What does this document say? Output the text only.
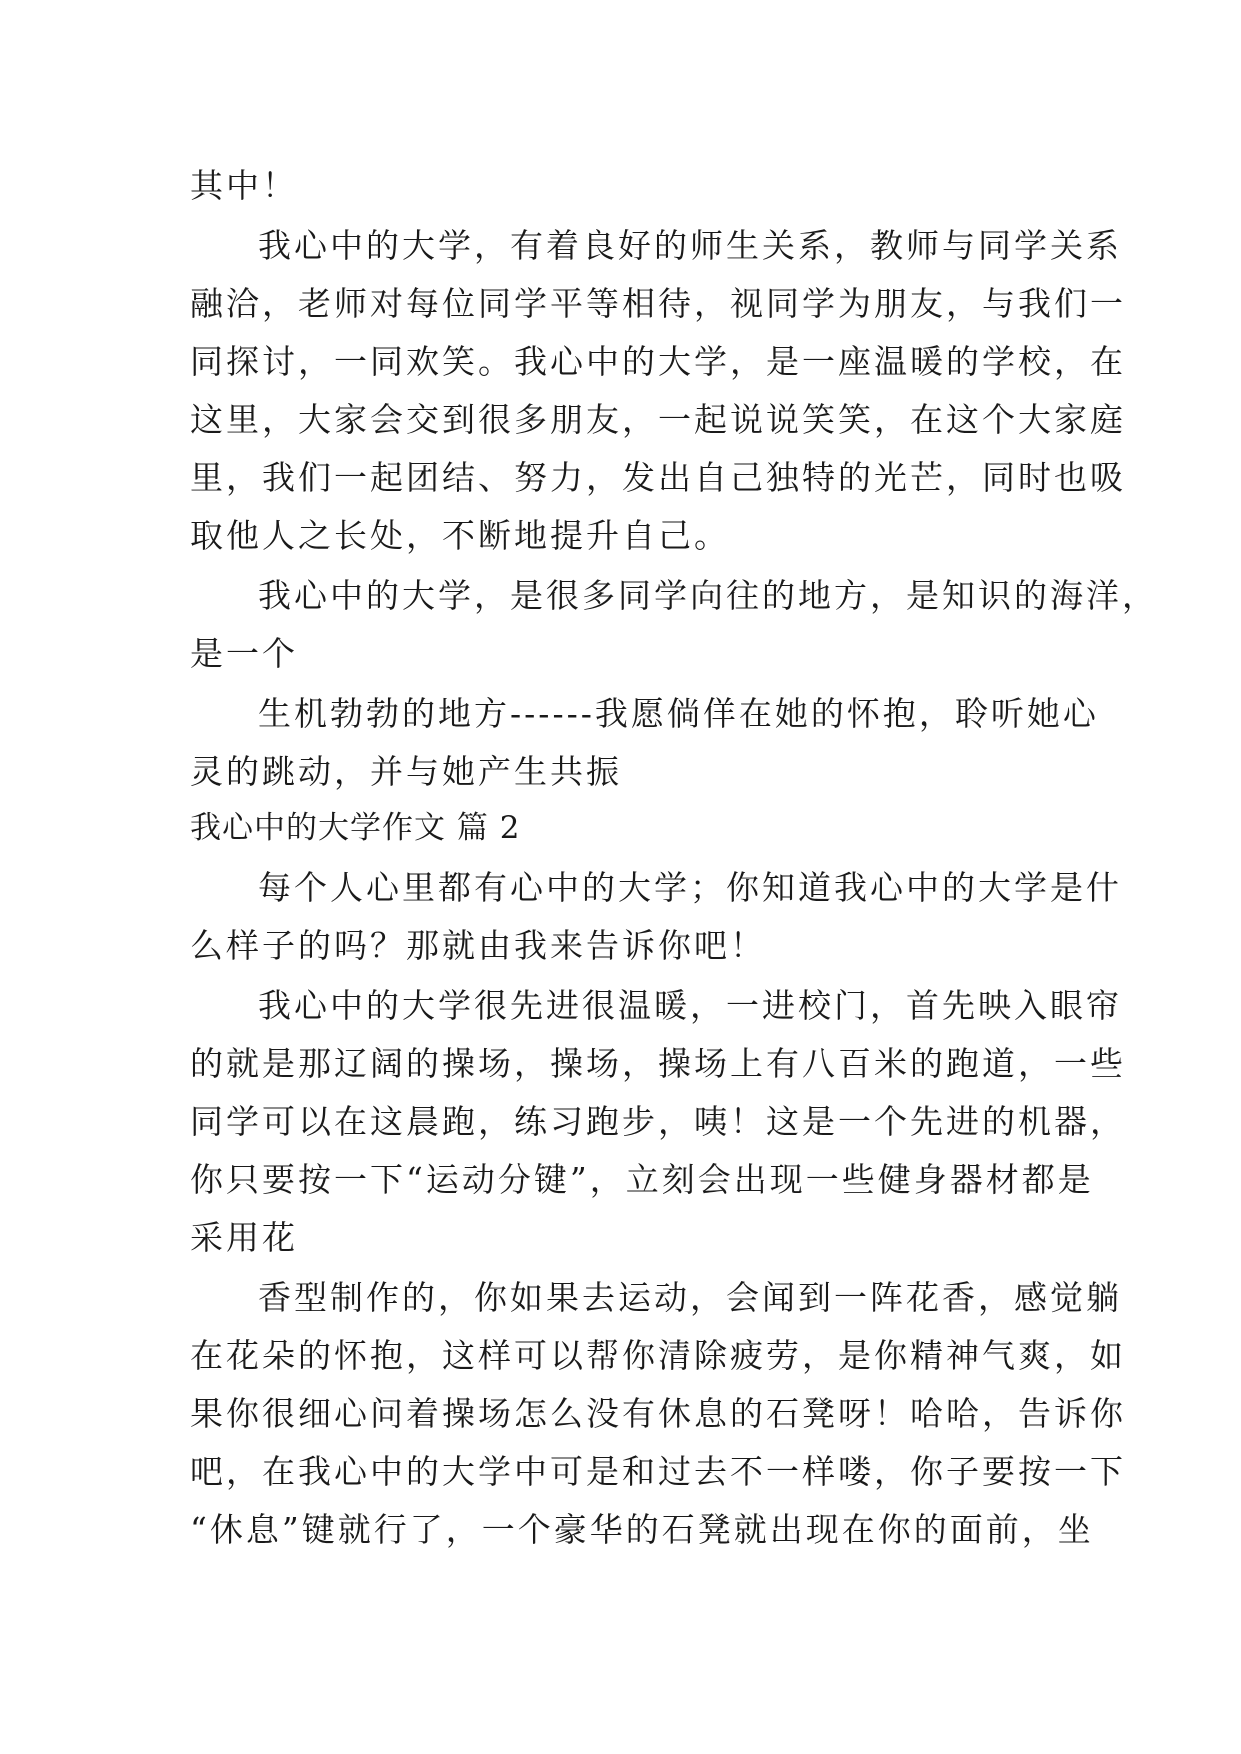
其中！
我心中的大学，有着良好的师生关系，教师与同学关系
融洽，老师对每位同学平等相待，视同学为朋友，与我们一
同探讨，一同欢笑。我心中的大学，是一座温暖的学校，在
这里，大家会交到很多朋友，一起说说笑笑，在这个大家庭
里，我们一起团结、努力，发出自己独特的光芒，同时也吸
取他人之长处，不断地提升自己。
我心中的大学，是很多同学向往的地方，是知识的海洋，
是一个
生机勃勃的地方------我愿倘佯在她的怀抱，聆听她心
灵的跳动，并与她产生共振
我心中的大学作文 篇 2
每个人心里都有心中的大学；你知道我心中的大学是什
么样子的吗？那就由我来告诉你吧！
我心中的大学很先进很温暖，一进校门，首先映入眼帘
的就是那辽阔的操场，操场，操场上有八百米的跑道，一些
同学可以在这晨跑，练习跑步，咦！这是一个先进的机器，
你只要按一下“运动分键”，立刻会出现一些健身器材都是
采用花
香型制作的，你如果去运动，会闻到一阵花香，感觉躺
在花朵的怀抱，这样可以帮你清除疲劳，是你精神气爽，如
果你很细心问着操场怎么没有休息的石凳呀！哈哈，告诉你
吧，在我心中的大学中可是和过去不一样喽，你子要按一下
“休息”键就行了，一个豪华的石凳就出现在你的面前，坐
